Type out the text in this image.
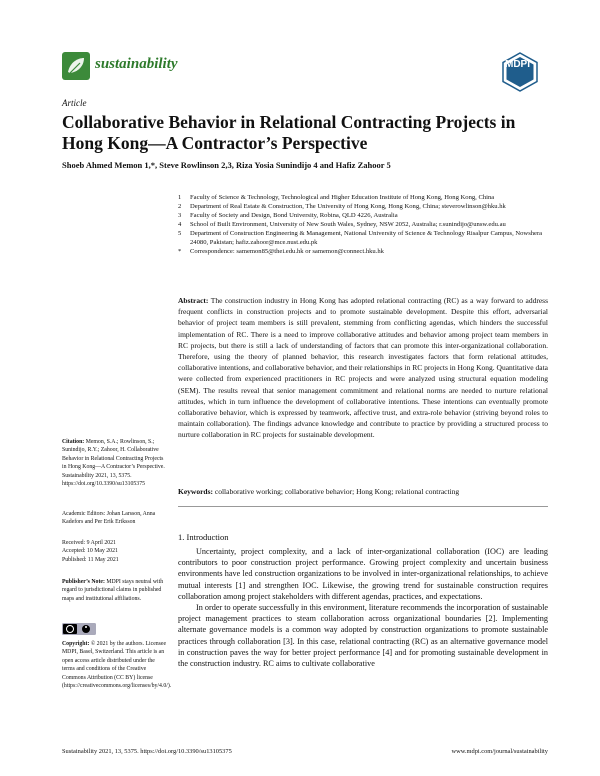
sustainability	MDPI
Article
Collaborative Behavior in Relational Contracting Projects in Hong Kong—A Contractor’s Perspective
Shoeb Ahmed Memon 1,*, Steve Rowlinson 2,3, Riza Yosia Sunindijo 4 and Hafiz Zahoor 5
1	Faculty of Science & Technology, Technological and Higher Education Institute of Hong Kong, Hong Kong, China
2	Department of Real Estate & Construction, The University of Hong Kong, Hong Kong, China; steverowlinson@hku.hk
3	Faculty of Society and Design, Bond University, Robina, QLD 4226, Australia
4	School of Built Environment, University of New South Wales, Sydney, NSW 2052, Australia; r.sunindijo@unsw.edu.au
5	Department of Construction Engineering & Management, National University of Science & Technology Risalpur Campus, Nowshera 24080, Pakistan; hafiz.zahoor@mce.nust.edu.pk
*	Correspondence: samemon85@thei.edu.hk or samemon@connect.hku.hk
Citation: Memon, S.A.; Rowlinson, S.; Sunindijo, R.Y.; Zahoor, H. Collaborative Behavior in Relational Contracting Projects in Hong Kong—A Contractor’s Perspective. Sustainability 2021, 13, 5375. https://doi.org/10.3390/su13105375
Academic Editors: Johan Larsson, Anna Kadefors and Per Erik Eriksson
Received: 9 April 2021
Accepted: 10 May 2021
Published: 11 May 2021
Publisher’s Note: MDPI stays neutral with regard to jurisdictional claims in published maps and institutional affiliations.
Copyright: © 2021 by the authors. Licensee MDPI, Basel, Switzerland. This article is an open access article distributed under the terms and conditions of the Creative Commons Attribution (CC BY) license (https://creativecommons.org/licenses/by/4.0/).
Abstract: The construction industry in Hong Kong has adopted relational contracting (RC) as a way forward to address frequent conflicts in construction projects and to promote sustainable development. Despite this effort, adversarial behavior of project team members is still prevalent, stemming from conflicting agendas, which hinders the successful implementation of RC. There is a need to improve collaborative attitudes and behavior among project team members in RC projects, but there is still a lack of understanding of factors that can promote this inter-organizational collaboration. Therefore, using the theory of planned behavior, this research investigates factors that form relational attitudes, collaborative intentions, and collaborative behavior, and their relationships in RC projects in Hong Kong. Quantitative data were collected from experienced practitioners in RC projects and were analyzed using structural equation modeling (SEM). The results reveal that senior management commitment and relational norms are needed to nurture relational attitudes, which in turn influence the development of collaborative intentions. These intentions can eventually promote collaborative behavior, which is expressed by teamwork, affective trust, and extra-role behavior (striving beyond roles to maintain collaboration). The findings advance knowledge and contribute to practice by providing a structured process to nurture collaboration in RC projects for sustainable development.
Keywords: collaborative working; collaborative behavior; Hong Kong; relational contracting
1. Introduction

Uncertainty, project complexity, and a lack of inter-organizational collaboration (IOC) are leading contributors to poor construction project performance. Growing project complexity and uncertain business environments have led construction organizations to be involved in inter-organizational relationships, to achieve mutual interests [1] and strengthen IOC. Likewise, the growing trend for sustainable construction requires collaboration among project stakeholders with different agendas, practices, and expectations.

In order to operate successfully in this environment, literature recommends the incorporation of sustainable project management practices to steam collaboration across organizational boundaries [2]. Implementing alternate governance models is a common way adopted by construction organizations to promote sustainable practices through collaboration [3]. In this case, relational contracting (RC) as an alternative governance model in construction paves the way for better project performance [4] and for promoting sustainable development in the construction industry. RC aims to cultivate collaborative

Sustainability 2021, 13, 5375. https://doi.org/10.3390/su13105375	www.mdpi.com/journal/sustainability
